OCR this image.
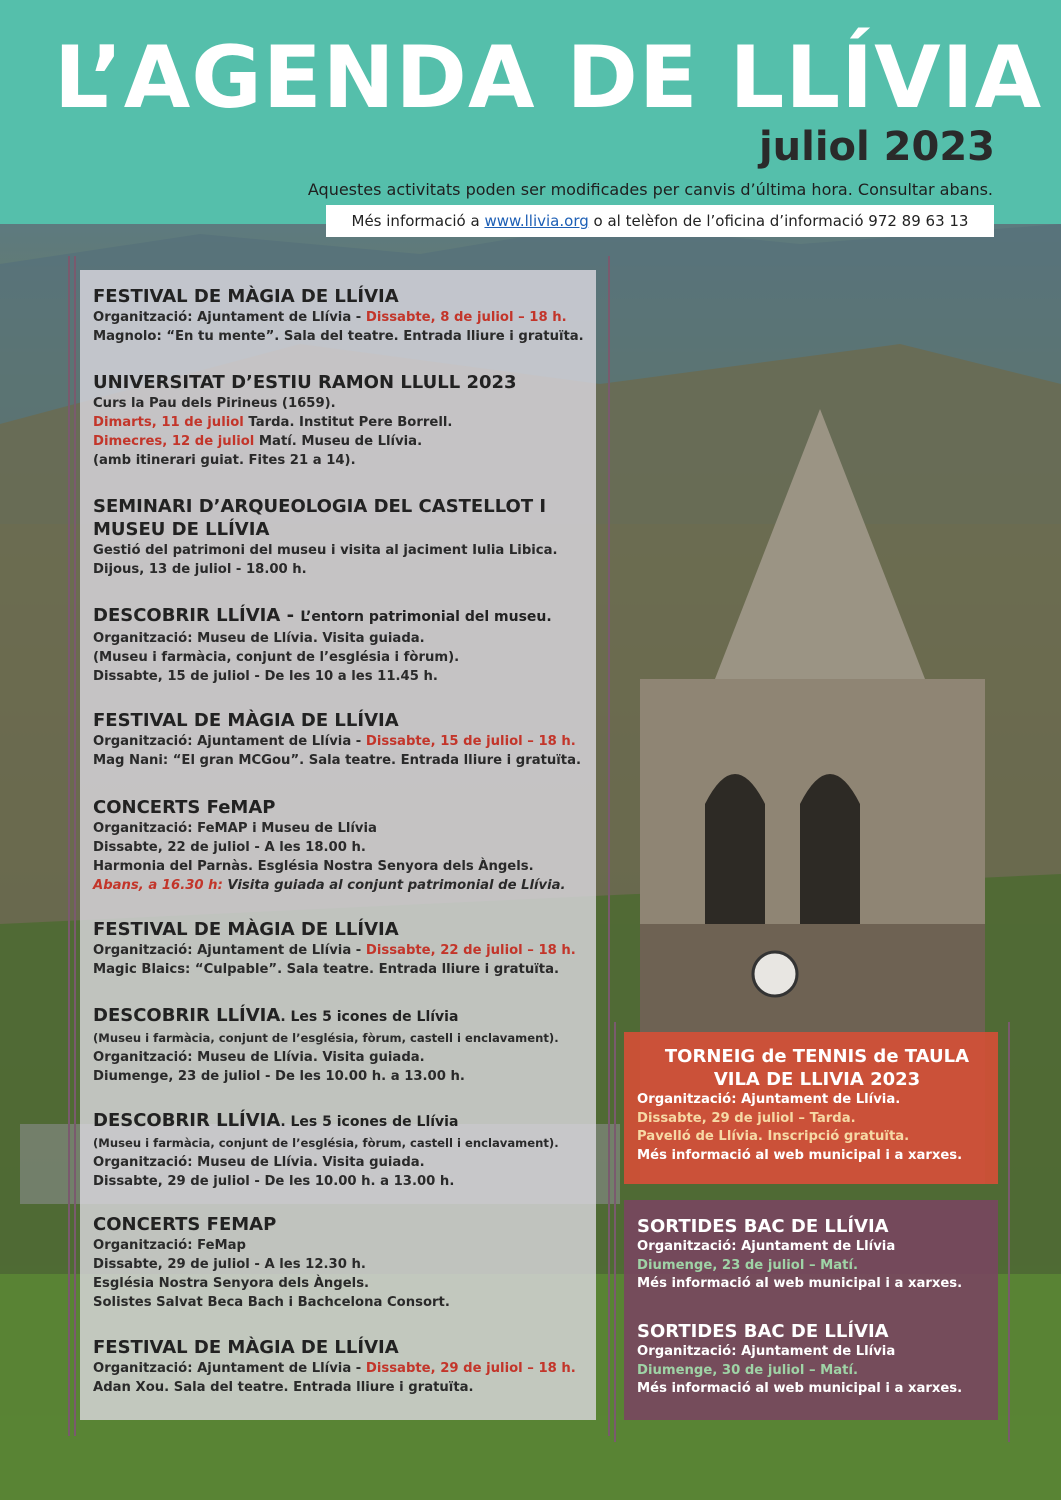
L’AGENDA DE LLÍVIA
juliol 2023
Aquestes activitats poden ser modificades per canvis d’última hora. Consultar abans.
Més informació a www.llivia.org o al telèfon de l’oficina d’informació 972 89 63 13
FESTIVAL DE MÀGIA DE LLÍVIA
Organització: Ajuntament de Llívia - Dissabte, 8 de juliol – 18 h.
Magnolo: “En tu mente”. Sala del teatre. Entrada lliure i gratuïta.
UNIVERSITAT D’ESTIU RAMON LLULL 2023
Curs la Pau dels Pirineus (1659).
Dimarts, 11 de juliol Tarda. Institut Pere Borrell.
Dimecres, 12 de juliol Matí. Museu de Llívia.
(amb itinerari guiat. Fites 21 a 14).
SEMINARI D’ARQUEOLOGIA DEL CASTELLOT I
MUSEU DE LLÍVIA
Gestió del patrimoni del museu i visita al jaciment Iulia Libica.
Dijous, 13 de juliol - 18.00 h.
DESCOBRIR LLÍVIA - L’entorn patrimonial del museu.
Organització: Museu de Llívia. Visita guiada.
(Museu i farmàcia, conjunt de l’església i fòrum).
Dissabte, 15 de juliol - De les 10 a les 11.45 h.
FESTIVAL DE MÀGIA DE LLÍVIA
Organització: Ajuntament de Llívia - Dissabte, 15 de juliol – 18 h.
Mag Nani: “El gran MCGou”. Sala teatre. Entrada lliure i gratuïta.
CONCERTS FeMAP
Organització: FeMAP i Museu de Llívia
Dissabte, 22 de juliol - A les 18.00 h.
Harmonia del Parnàs. Església Nostra Senyora dels Àngels.
Abans, a 16.30 h: Visita guiada al conjunt patrimonial de Llívia.
FESTIVAL DE MÀGIA DE LLÍVIA
Organització: Ajuntament de Llívia - Dissabte, 22 de juliol – 18 h.
Magic Blaics: “Culpable”. Sala teatre. Entrada lliure i gratuïta.
DESCOBRIR LLÍVIA. Les 5 icones de Llívia
(Museu i farmàcia, conjunt de l’església, fòrum, castell i enclavament).
Organització: Museu de Llívia. Visita guiada.
Diumenge, 23 de juliol - De les 10.00 h. a 13.00 h.
DESCOBRIR LLÍVIA. Les 5 icones de Llívia
(Museu i farmàcia, conjunt de l’església, fòrum, castell i enclavament).
Organització: Museu de Llívia. Visita guiada.
Dissabte, 29 de juliol - De les 10.00 h. a 13.00 h.
CONCERTS FEMAP
Organització: FeMap
Dissabte, 29 de juliol - A les 12.30 h.
Església Nostra Senyora dels Àngels.
Solistes Salvat Beca Bach i Bachcelona Consort.
FESTIVAL DE MÀGIA DE LLÍVIA
Organització: Ajuntament de Llívia - Dissabte, 29 de juliol – 18 h.
Adan Xou. Sala del teatre. Entrada lliure i gratuïta.
TORNEIG de TENNIS de TAULA
VILA DE LLIVIA 2023
Organització: Ajuntament de Llívia.
Dissabte, 29 de juliol – Tarda.
Pavelló de Llívia. Inscripció gratuïta.
Més informació al web municipal i a xarxes.
SORTIDES BAC DE LLÍVIA
Organització: Ajuntament de Llívia
Diumenge, 23 de juliol – Matí.
Més informació al web municipal i a xarxes.
SORTIDES BAC DE LLÍVIA
Organització: Ajuntament de Llívia
Diumenge, 30 de juliol – Matí.
Més informació al web municipal i a xarxes.
